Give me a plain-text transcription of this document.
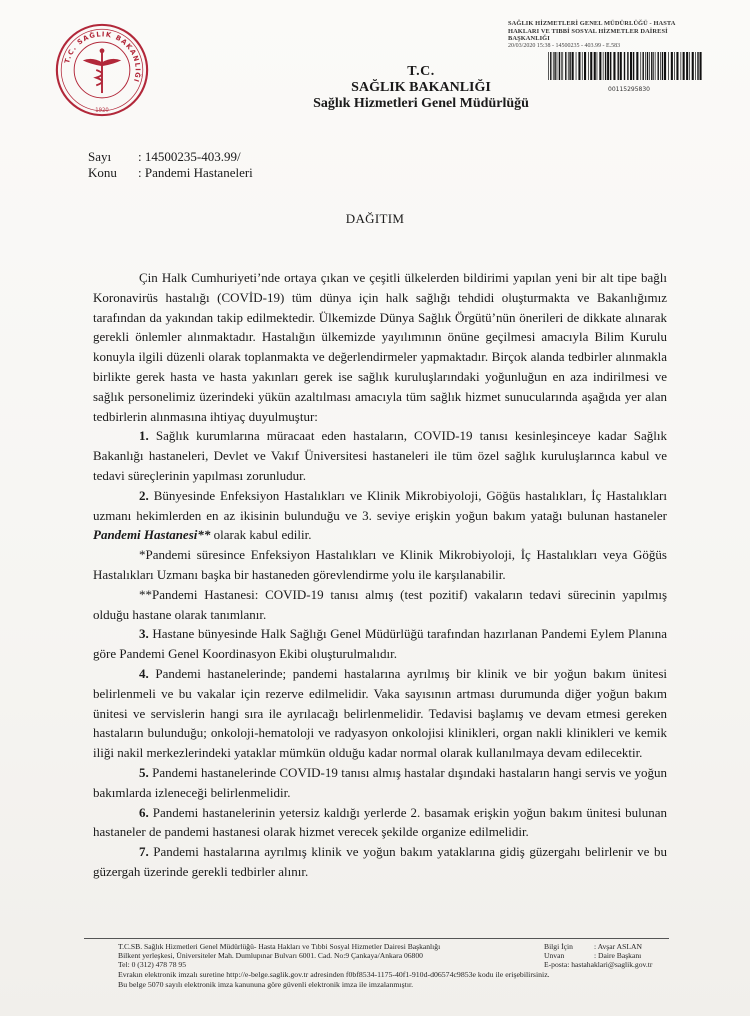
T.C. SAĞLIK BAKANLIĞI
1920
SAĞLIK HİZMETLERİ GENEL MÜDÜRLÜĞÜ - HASTA
HAKLARI VE TIBBİ SOSYAL HİZMETLER DAİRESİ
BAŞKANLIĞI
20/03/2020 15:38 - 14500235 - 403.99 - E.583
00115295830
T.C.
SAĞLIK BAKANLIĞI
Sağlık Hizmetleri Genel Müdürlüğü
Sayı : 14500235-403.99/
Konu : Pandemi Hastaneleri
DAĞITIM

Çin Halk Cumhuriyeti’nde ortaya çıkan ve çeşitli ülkelerden bildirimi yapılan yeni bir alt tipe bağlı Koronavirüs hastalığı (COVİD-19) tüm dünya için halk sağlığı tehdidi oluşturmakta ve Bakanlığımız tarafından da yakından takip edilmektedir. Ülkemizde Dünya Sağlık Örgütü’nün önerileri de dikkate alınarak gerekli önlemler alınmaktadır. Hastalığın ülkemizde yayılımının önüne geçilmesi amacıyla Bilim Kurulu konuyla ilgili düzenli olarak toplanmakta ve değerlendirmeler yapmaktadır. Birçok alanda tedbirler alınmakla birlikte gerek hasta ve hasta yakınları gerek ise sağlık kuruluşlarındaki yoğunluğun en aza indirilmesi ve sağlık personelimiz üzerindeki yükün azaltılması amacıyla tüm sağlık hizmet sunucularında aşağıda yer alan tedbirlerin alınmasına ihtiyaç duyulmuştur:

1. Sağlık kurumlarına müracaat eden hastaların, COVID-19 tanısı kesinleşinceye kadar Sağlık Bakanlığı hastaneleri, Devlet ve Vakıf Üniversitesi hastaneleri ile tüm özel sağlık kuruluşlarınca kabul ve tedavi süreçlerinin yapılması zorunludur.

2. Bünyesinde Enfeksiyon Hastalıkları ve Klinik Mikrobiyoloji, Göğüs hastalıkları, İç Hastalıkları uzmanı hekimlerden en az ikisinin bulunduğu ve 3. seviye erişkin yoğun bakım yatağı bulunan hastaneler Pandemi Hastanesi** olarak kabul edilir.

*Pandemi süresince Enfeksiyon Hastalıkları ve Klinik Mikrobiyoloji, İç Hastalıkları veya Göğüs Hastalıkları Uzmanı başka bir hastaneden görevlendirme yolu ile karşılanabilir.

**Pandemi Hastanesi: COVID-19 tanısı almış (test pozitif) vakaların tedavi sürecinin yapılmış olduğu hastane olarak tanımlanır.

3. Hastane bünyesinde Halk Sağlığı Genel Müdürlüğü tarafından hazırlanan Pandemi Eylem Planına göre Pandemi Genel Koordinasyon Ekibi oluşturulmalıdır.

4. Pandemi hastanelerinde; pandemi hastalarına ayrılmış bir klinik ve bir yoğun bakım ünitesi belirlenmeli ve bu vakalar için rezerve edilmelidir. Vaka sayısının artması durumunda diğer yoğun bakım ünitesi ve servislerin hangi sıra ile ayrılacağı belirlenmelidir. Tedavisi başlamış ve devam etmesi gereken hastaların bulunduğu; onkoloji-hematoloji ve radyasyon onkolojisi klinikleri, organ nakli klinikleri ve kemik iliği nakil merkezlerindeki yataklar mümkün olduğu kadar normal olarak kullanılmaya devam edilecektir.

5. Pandemi hastanelerinde COVID-19 tanısı almış hastalar dışındaki hastaların hangi servis ve yoğun bakımlarda izleneceği belirlenmelidir.

6. Pandemi hastanelerinin yetersiz kaldığı yerlerde 2. basamak erişkin yoğun bakım ünitesi bulunan hastaneler de pandemi hastanesi olarak hizmet verecek şekilde organize edilmelidir.

7. Pandemi hastalarına ayrılmış klinik ve yoğun bakım yataklarına gidiş güzergahı belirlenir ve bu güzergah üzerinde gerekli tedbirler alınır.

T.C.SB. Sağlık Hizmetleri Genel Müdürlüğü- Hasta Hakları ve Tıbbi Sosyal Hizmetler Dairesi Başkanlığı
Bilkent yerleşkesi, Üniversiteler Mah. Dumlupınar Bulvarı 6001. Cad. No:9 Çankaya/Ankara 06800
Tel: 0 (312) 478 78 95
Bilgi İçin	: Avşar ASLAN
Unvan	: Daire Başkanı
E-posta: hastahaklari@saglik.gov.tr
Evrakın elektronik imzalı suretine http://e-belge.saglik.gov.tr adresinden f0bf8534-1175-40f1-910d-d06574c9853e kodu ile erişebilirsiniz.
Bu belge 5070 sayılı elektronik imza kanununa göre güvenli elektronik imza ile imzalanmıştır.
